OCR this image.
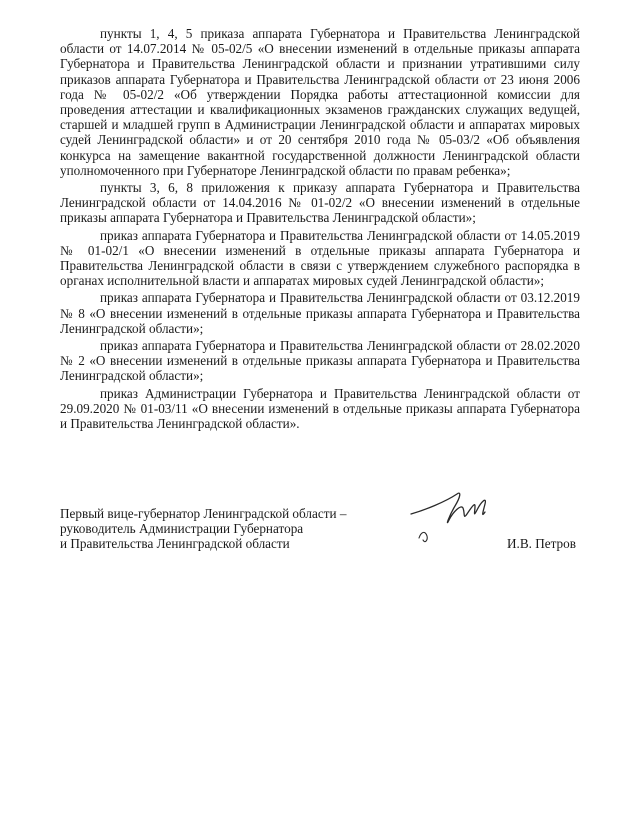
пункты 1, 4, 5 приказа аппарата Губернатора и Правительства Ленинградской области от 14.07.2014 № 05-02/5 «О внесении изменений в отдельные приказы аппарата Губернатора и Правительства Ленинградской области и признании утратившими силу приказов аппарата Губернатора и Правительства Ленинградской области от 23 июня 2006 года № 05-02/2 «Об утверждении Порядка работы аттестационной комиссии для проведения аттестации и квалификационных экзаменов гражданских служащих ведущей, старшей и младшей групп в Администрации Ленинградской области и аппаратах мировых судей Ленинградской области» и от 20 сентября 2010 года № 05-03/2 «Об объявления конкурса на замещение вакантной государственной должности Ленинградской области уполномоченного при Губернаторе Ленинградской области по правам ребенка»;

пункты 3, 6, 8 приложения к приказу аппарата Губернатора и Правительства Ленинградской области от 14.04.2016 № 01-02/2 «О внесении изменений в отдельные приказы аппарата Губернатора и Правительства Ленинградской области»;

приказ аппарата Губернатора и Правительства Ленинградской области от 14.05.2019 № 01-02/1 «О внесении изменений в отдельные приказы аппарата Губернатора и Правительства Ленинградской области в связи с утверждением служебного распорядка в органах исполнительной власти и аппаратах мировых судей Ленинградской области»;

приказ аппарата Губернатора и Правительства Ленинградской области от 03.12.2019 № 8 «О внесении изменений в отдельные приказы аппарата Губернатора и Правительства Ленинградской области»;

приказ аппарата Губернатора и Правительства Ленинградской области от 28.02.2020 № 2 «О внесении изменений в отдельные приказы аппарата Губернатора и Правительства Ленинградской области»;

приказ Администрации Губернатора и Правительства Ленинградской области от 29.09.2020 № 01-03/11 «О внесении изменений в отдельные приказы аппарата Губернатора и Правительства Ленинградской области».

Первый вице-губернатор Ленинградской области –
руководитель Администрации Губернатора
и Правительства Ленинградской области	И.В. Петров
